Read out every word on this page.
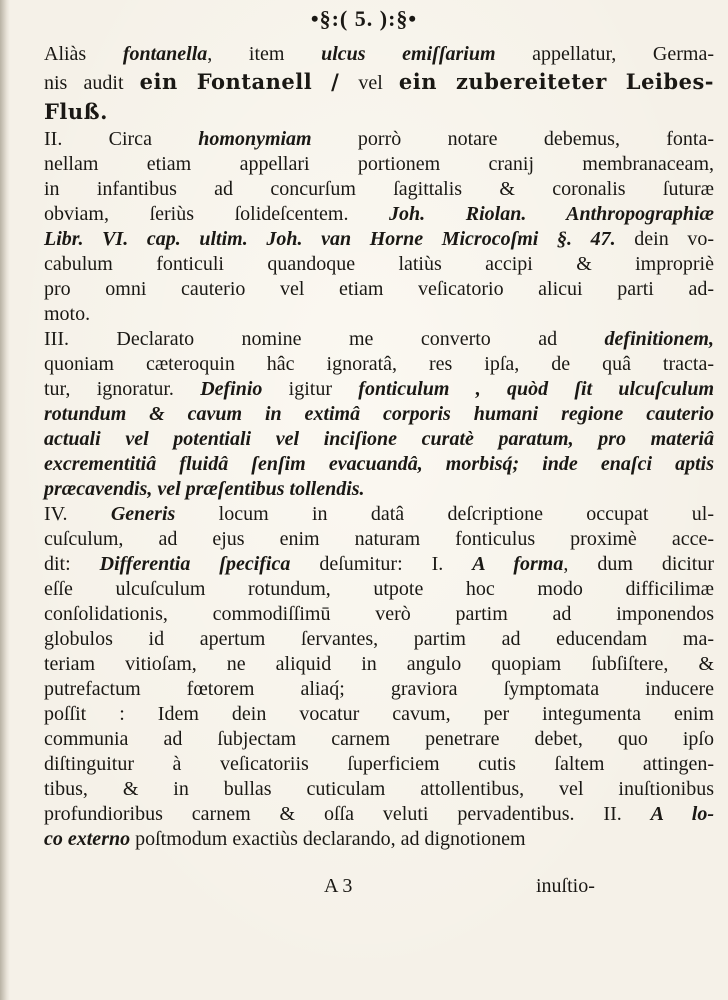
•§:( 5. ):§•
Aliàs fontanella, item ulcus emiſſarium appellatur, Germa-
nis audit ein Fontanell / vel ein zubereiteter Leibes-
Fluß.
II. Circa homonymiam porrò notare debemus, fonta-
nellam etiam appellari portionem cranij membranaceam,
in infantibus ad concurſum ſagittalis & coronalis ſuturæ
obviam, ſeriùs ſolideſcentem. Joh. Riolan. Anthropographiæ
Libr. VI. cap. ultim. Joh. van Horne Microcoſmi §. 47. dein vo-
cabulum fonticuli quandoque latiùs accipi & impropriè
pro omni cauterio vel etiam veſicatorio alicui parti ad-
moto.
III. Declarato nomine me converto ad definitionem,
quoniam cæteroquin hâc ignoratâ, res ipſa, de quâ tracta-
tur, ignoratur. Definio igitur fonticulum , quòd ſit ulcuſculum
rotundum & cavum in extimâ corporis humani regione cauterio
actuali vel potentiali vel inciſione curatè paratum, pro materiâ
excrementitiâ fluidâ ſenſim evacuandâ, morbisq́; inde enaſci aptis
præcavendis, vel præſentibus tollendis.
IV. Generis locum in datâ deſcriptione occupat ul-
cuſculum, ad ejus enim naturam fonticulus proximè acce-
dit: Differentia ſpecifica deſumitur: I. A forma, dum dicitur
eſſe ulcuſculum rotundum, utpote hoc modo difficilimæ
conſolidationis, commodiſſimū verò partim ad imponendos
globulos id apertum ſervantes, partim ad educendam ma-
teriam vitioſam, ne aliquid in angulo quopiam ſubſiſtere, &
putrefactum fœtorem aliaq́; graviora ſymptomata inducere
poſſit : Idem dein vocatur cavum, per integumenta enim
communia ad ſubjectam carnem penetrare debet, quo ipſo
diſtinguitur à veſicatoriis ſuperficiem cutis ſaltem attingen-
tibus, & in bullas cuticulam attollentibus, vel inuſtionibus
profundioribus carnem & oſſa veluti pervadentibus. II. A lo-
co externo poſtmodum exactiùs declarando, ad dignotionem
A 3	inuſtio-
